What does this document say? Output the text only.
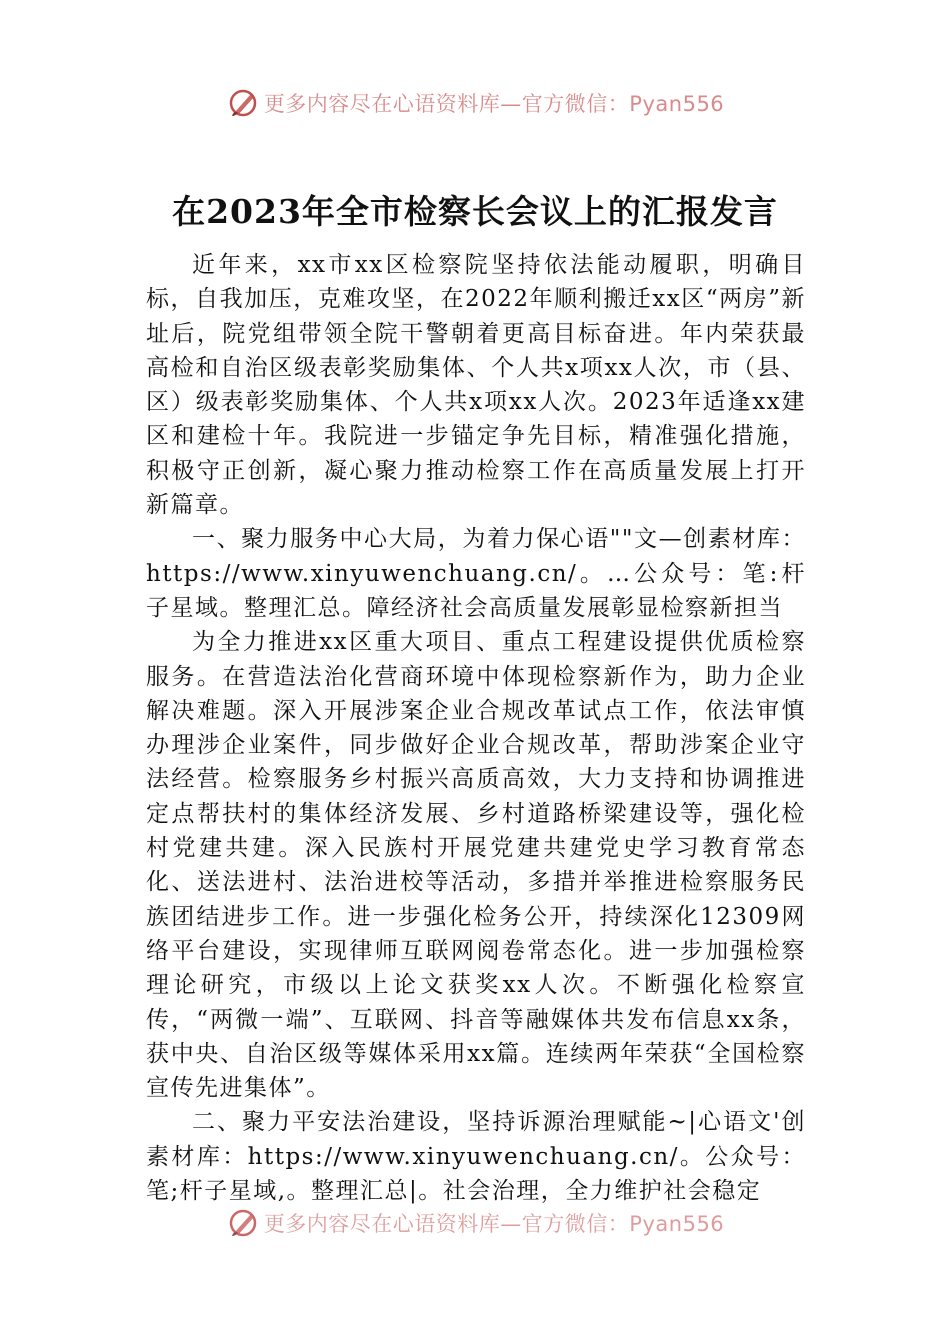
更多内容尽在心语资料库—官方微信：Pyan556
在2023年全市检察长会议上的汇报发言

近年来，xx市xx区检察院坚持依法能动履职，明确目标，自我加压，克难攻坚，在2022年顺利搬迁xx区“两房”新址后，院党组带领全院干警朝着更高目标奋进。年内荣获最高检和自治区级表彰奖励集体、个人共x项xx人次，市（县、区）级表彰奖励集体、个人共x项xx人次。2023年适逢xx建区和建检十年。我院进一步锚定争先目标，精准强化措施，积极守正创新，凝心聚力推动检察工作在高质量发展上打开新篇章。

一、聚力服务中心大局，为着力保心语""文—创素材库：https://www.xinyuwenchuang.cn/。…公众号：笔:杆子星域。整理汇总。障经济社会高质量发展彰显检察新担当

为全力推进xx区重大项目、重点工程建设提供优质检察服务。在营造法治化营商环境中体现检察新作为，助力企业解决难题。深入开展涉案企业合规改革试点工作，依法审慎办理涉企业案件，同步做好企业合规改革，帮助涉案企业守法经营。检察服务乡村振兴高质高效，大力支持和协调推进定点帮扶村的集体经济发展、乡村道路桥梁建设等，强化检村党建共建。深入民族村开展党建共建党史学习教育常态化、送法进村、法治进校等活动，多措并举推进检察服务民族团结进步工作。进一步强化检务公开，持续深化12309网络平台建设，实现律师互联网阅卷常态化。进一步加强检察理论研究，市级以上论文获奖xx人次。不断强化检察宣传，“两微一端”、互联网、抖音等融媒体共发布信息xx条，获中央、自治区级等媒体采用xx篇。连续两年荣获“全国检察宣传先进集体”。

二、聚力平安法治建设，坚持诉源治理赋能~|心语文'创素材库：https://www.xinyuwenchuang.cn/。公众号：笔;杆子星域,。整理汇总|。社会治理，全力维护社会稳定

更多内容尽在心语资料库—官方微信：Pyan556
